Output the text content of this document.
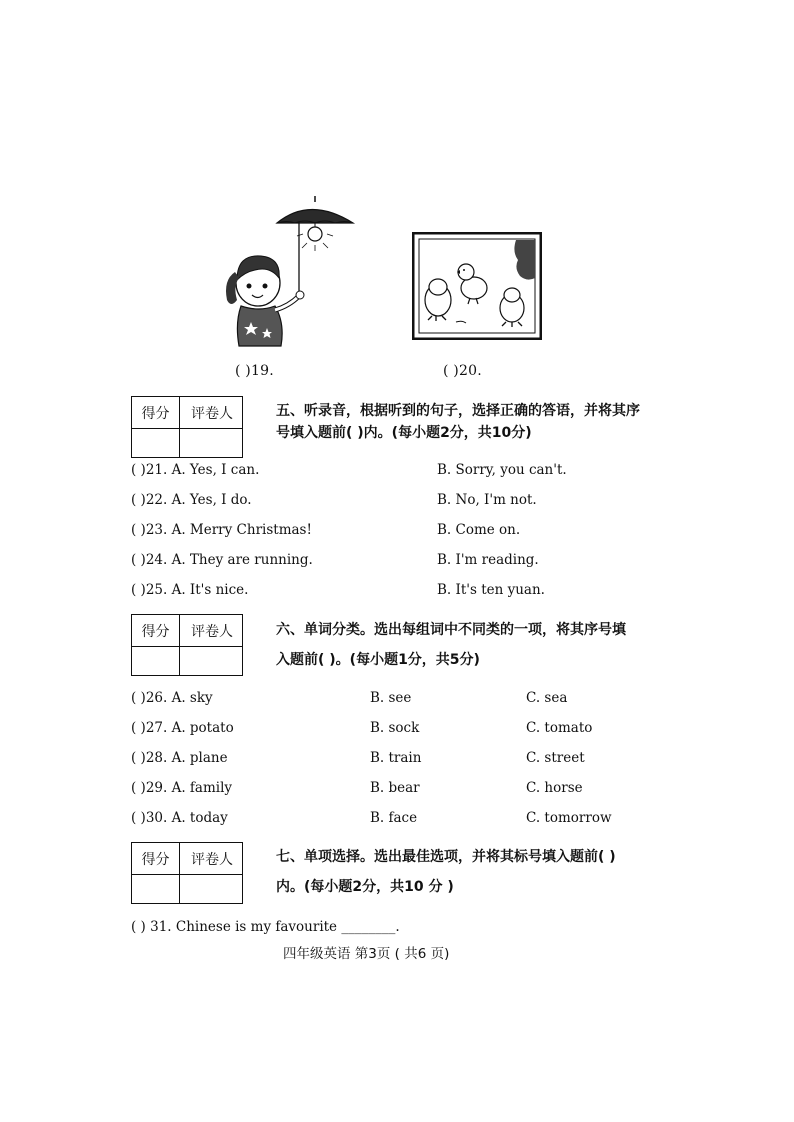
( )19.	( )20.
得分	评卷人	五、听录音，根据听到的句子，选择正确的答语，并将其序
号填入题前( )内。(每小题2分，共10分)
( )21. A. Yes, I can.	B. Sorry, you can't.
( )22. A. Yes, I do.	B. No, I'm not.
( )23. A. Merry Christmas!	B. Come on.
( )24. A. They are running.	B. I'm reading.
( )25. A. It's nice.	B. It's ten yuan.
得分	评卷人	六、单词分类。选出每组词中不同类的一项，将其序号填
入题前( )。(每小题1分，共5分)
( )26. A. sky	B. see	C. sea
( )27. A. potato	B. sock	C. tomato
( )28. A. plane	B. train	C. street
( )29. A. family	B. bear	C. horse
( )30. A. today	B. face	C. tomorrow
得分	评卷人	七、单项选择。选出最佳选项，并将其标号填入题前( )
内。(每小题2分，共10 分 )
( ) 31. Chinese is my favourite ________.
四年级英语 第3页 ( 共6 页)
